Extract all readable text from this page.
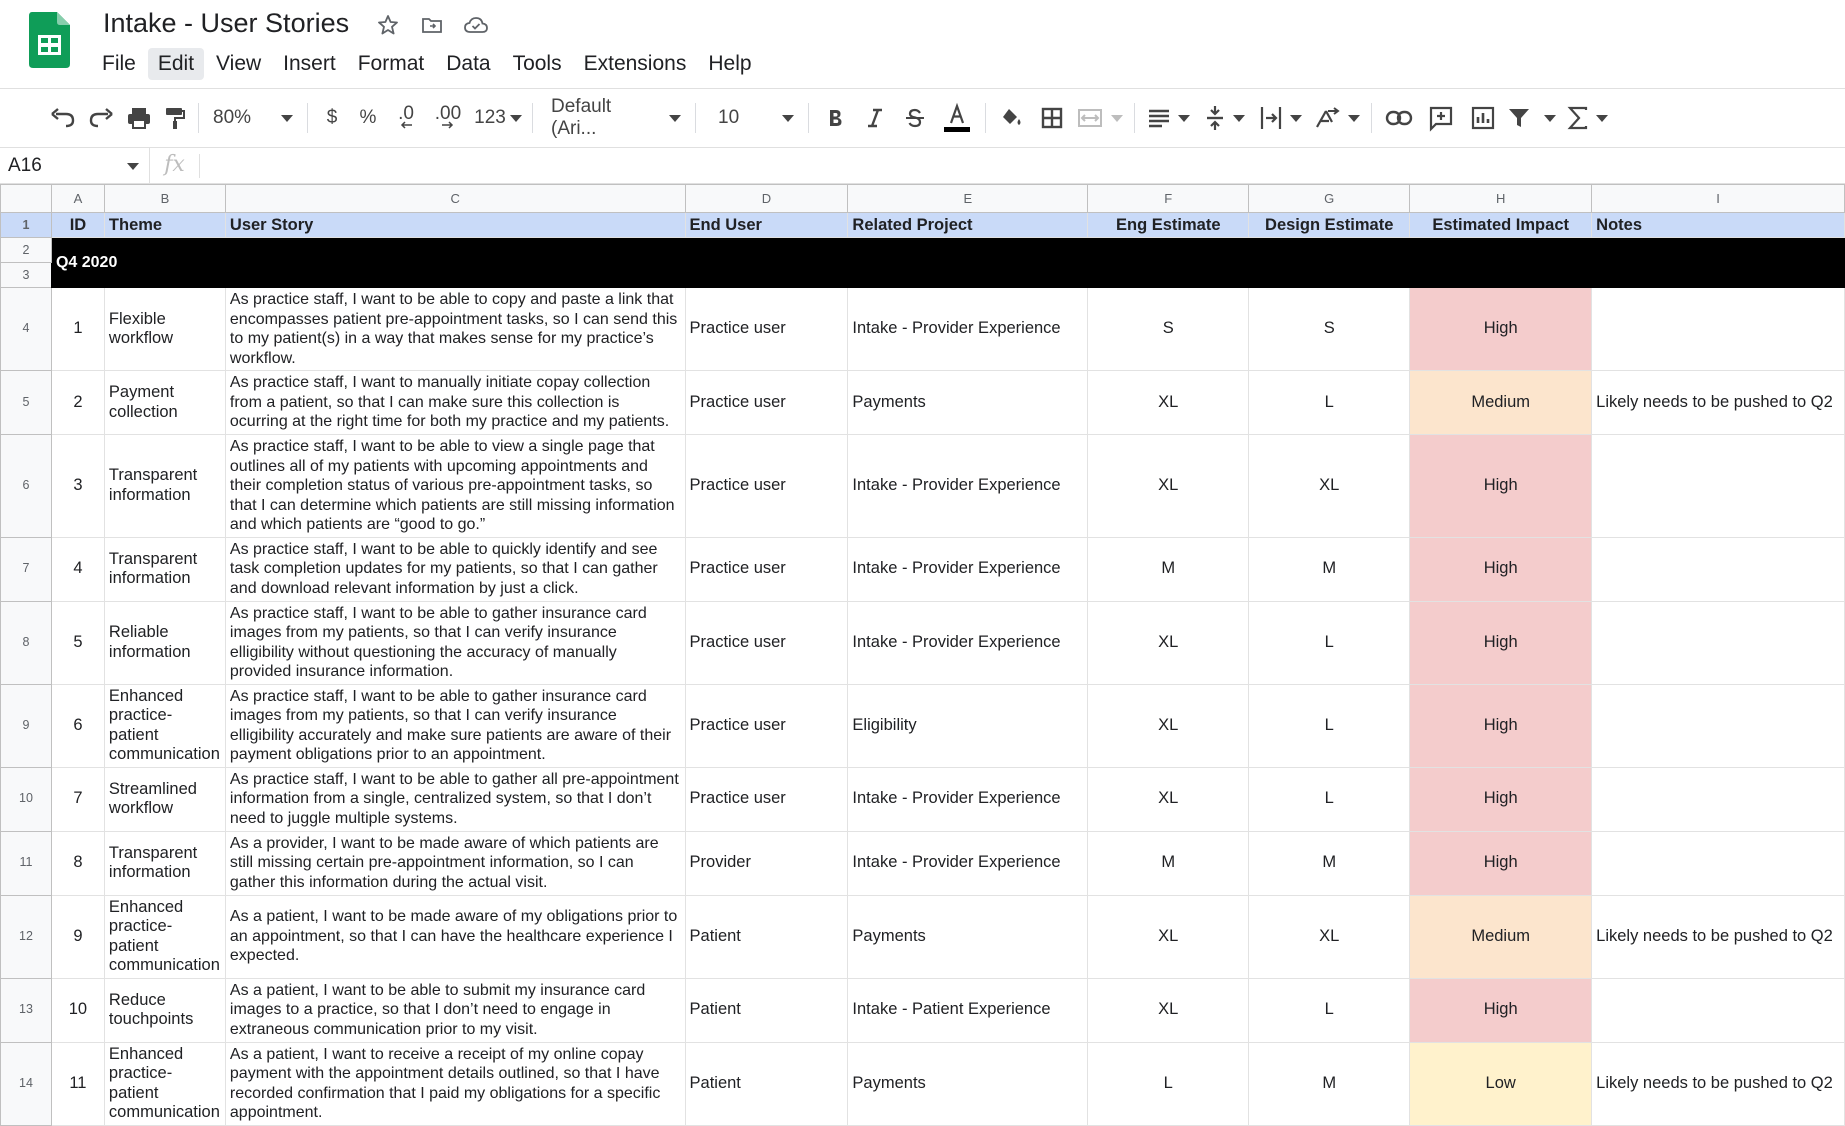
Intake - User Stories
File	Edit	View	Insert	Format	Data	Tools	Extensions	Help
80%	$	%	.0 .00 123
Default (Ari...
10
A16	fx
	A	B	C	D	E	F	G	H	I
1	ID	Theme	User Story	End User	Related Project	Eng Estimate	Design Estimate	Estimated Impact	Notes
2	Q4 2020								
3									
4	1	Flexible workflow	As practice staff, I want to be able to copy and paste a link that encompasses patient pre-appointment tasks, so I can send this to my patient(s) in a way that makes sense for my practice’s workflow.	Practice user	Intake - Provider Experience	S	S	High	
5	2	Payment collection	As practice staff, I want to manually initiate copay collection from a patient, so that I can make sure this collection is ocurring at the right time for both my practice and my patients.	Practice user	Payments	XL	L	Medium	Likely needs to be pushed to Q2
6	3	Transparent information	As practice staff, I want to be able to view a single page that outlines all of my patients with upcoming appointments and their completion status of various pre-appointment tasks, so that I can determine which patients are still missing information and which patients are “good to go.”	Practice user	Intake - Provider Experience	XL	XL	High	
7	4	Transparent information	As practice staff, I want to be able to quickly identify and see task completion updates for my patients, so that I can gather and download relevant information by just a click.	Practice user	Intake - Provider Experience	M	M	High	
8	5	Reliable information	As practice staff, I want to be able to gather insurance card images from my patients, so that I can verify insurance elligibility without questioning the accuracy of manually provided insurance information.	Practice user	Intake - Provider Experience	XL	L	High	
9	6	Enhanced practice-patient communication	As practice staff, I want to be able to gather insurance card images from my patients, so that I can verify insurance elligibility accurately and make sure patients are aware of their payment obligations prior to an appointment.	Practice user	Eligibility	XL	L	High	
10	7	Streamlined workflow	As practice staff, I want to be able to gather all pre-appointment information from a single, centralized system, so that I don’t need to juggle multiple systems.	Practice user	Intake - Provider Experience	XL	L	High	
11	8	Transparent information	As a provider, I want to be made aware of which patients are still missing certain pre-appointment information, so I can gather this information during the actual visit.	Provider	Intake - Provider Experience	M	M	High	
12	9	Enhanced practice-patient communication	As a patient, I want to be made aware of my obligations prior to an appointment, so that I can have the healthcare experience I expected.	Patient	Payments	XL	XL	Medium	Likely needs to be pushed to Q2
13	10	Reduce touchpoints	As a patient, I want to be able to submit my insurance card images to a practice, so that I don’t need to engage in extraneous communication prior to my visit.	Patient	Intake - Patient Experience	XL	L	High	
14	11	Enhanced practice-patient communication	As a patient, I want to receive a receipt of my online copay payment with the appointment details outlined, so that I have recorded confirmation that I paid my obligations for a specific appointment.	Patient	Payments	L	M	Low	Likely needs to be pushed to Q2
